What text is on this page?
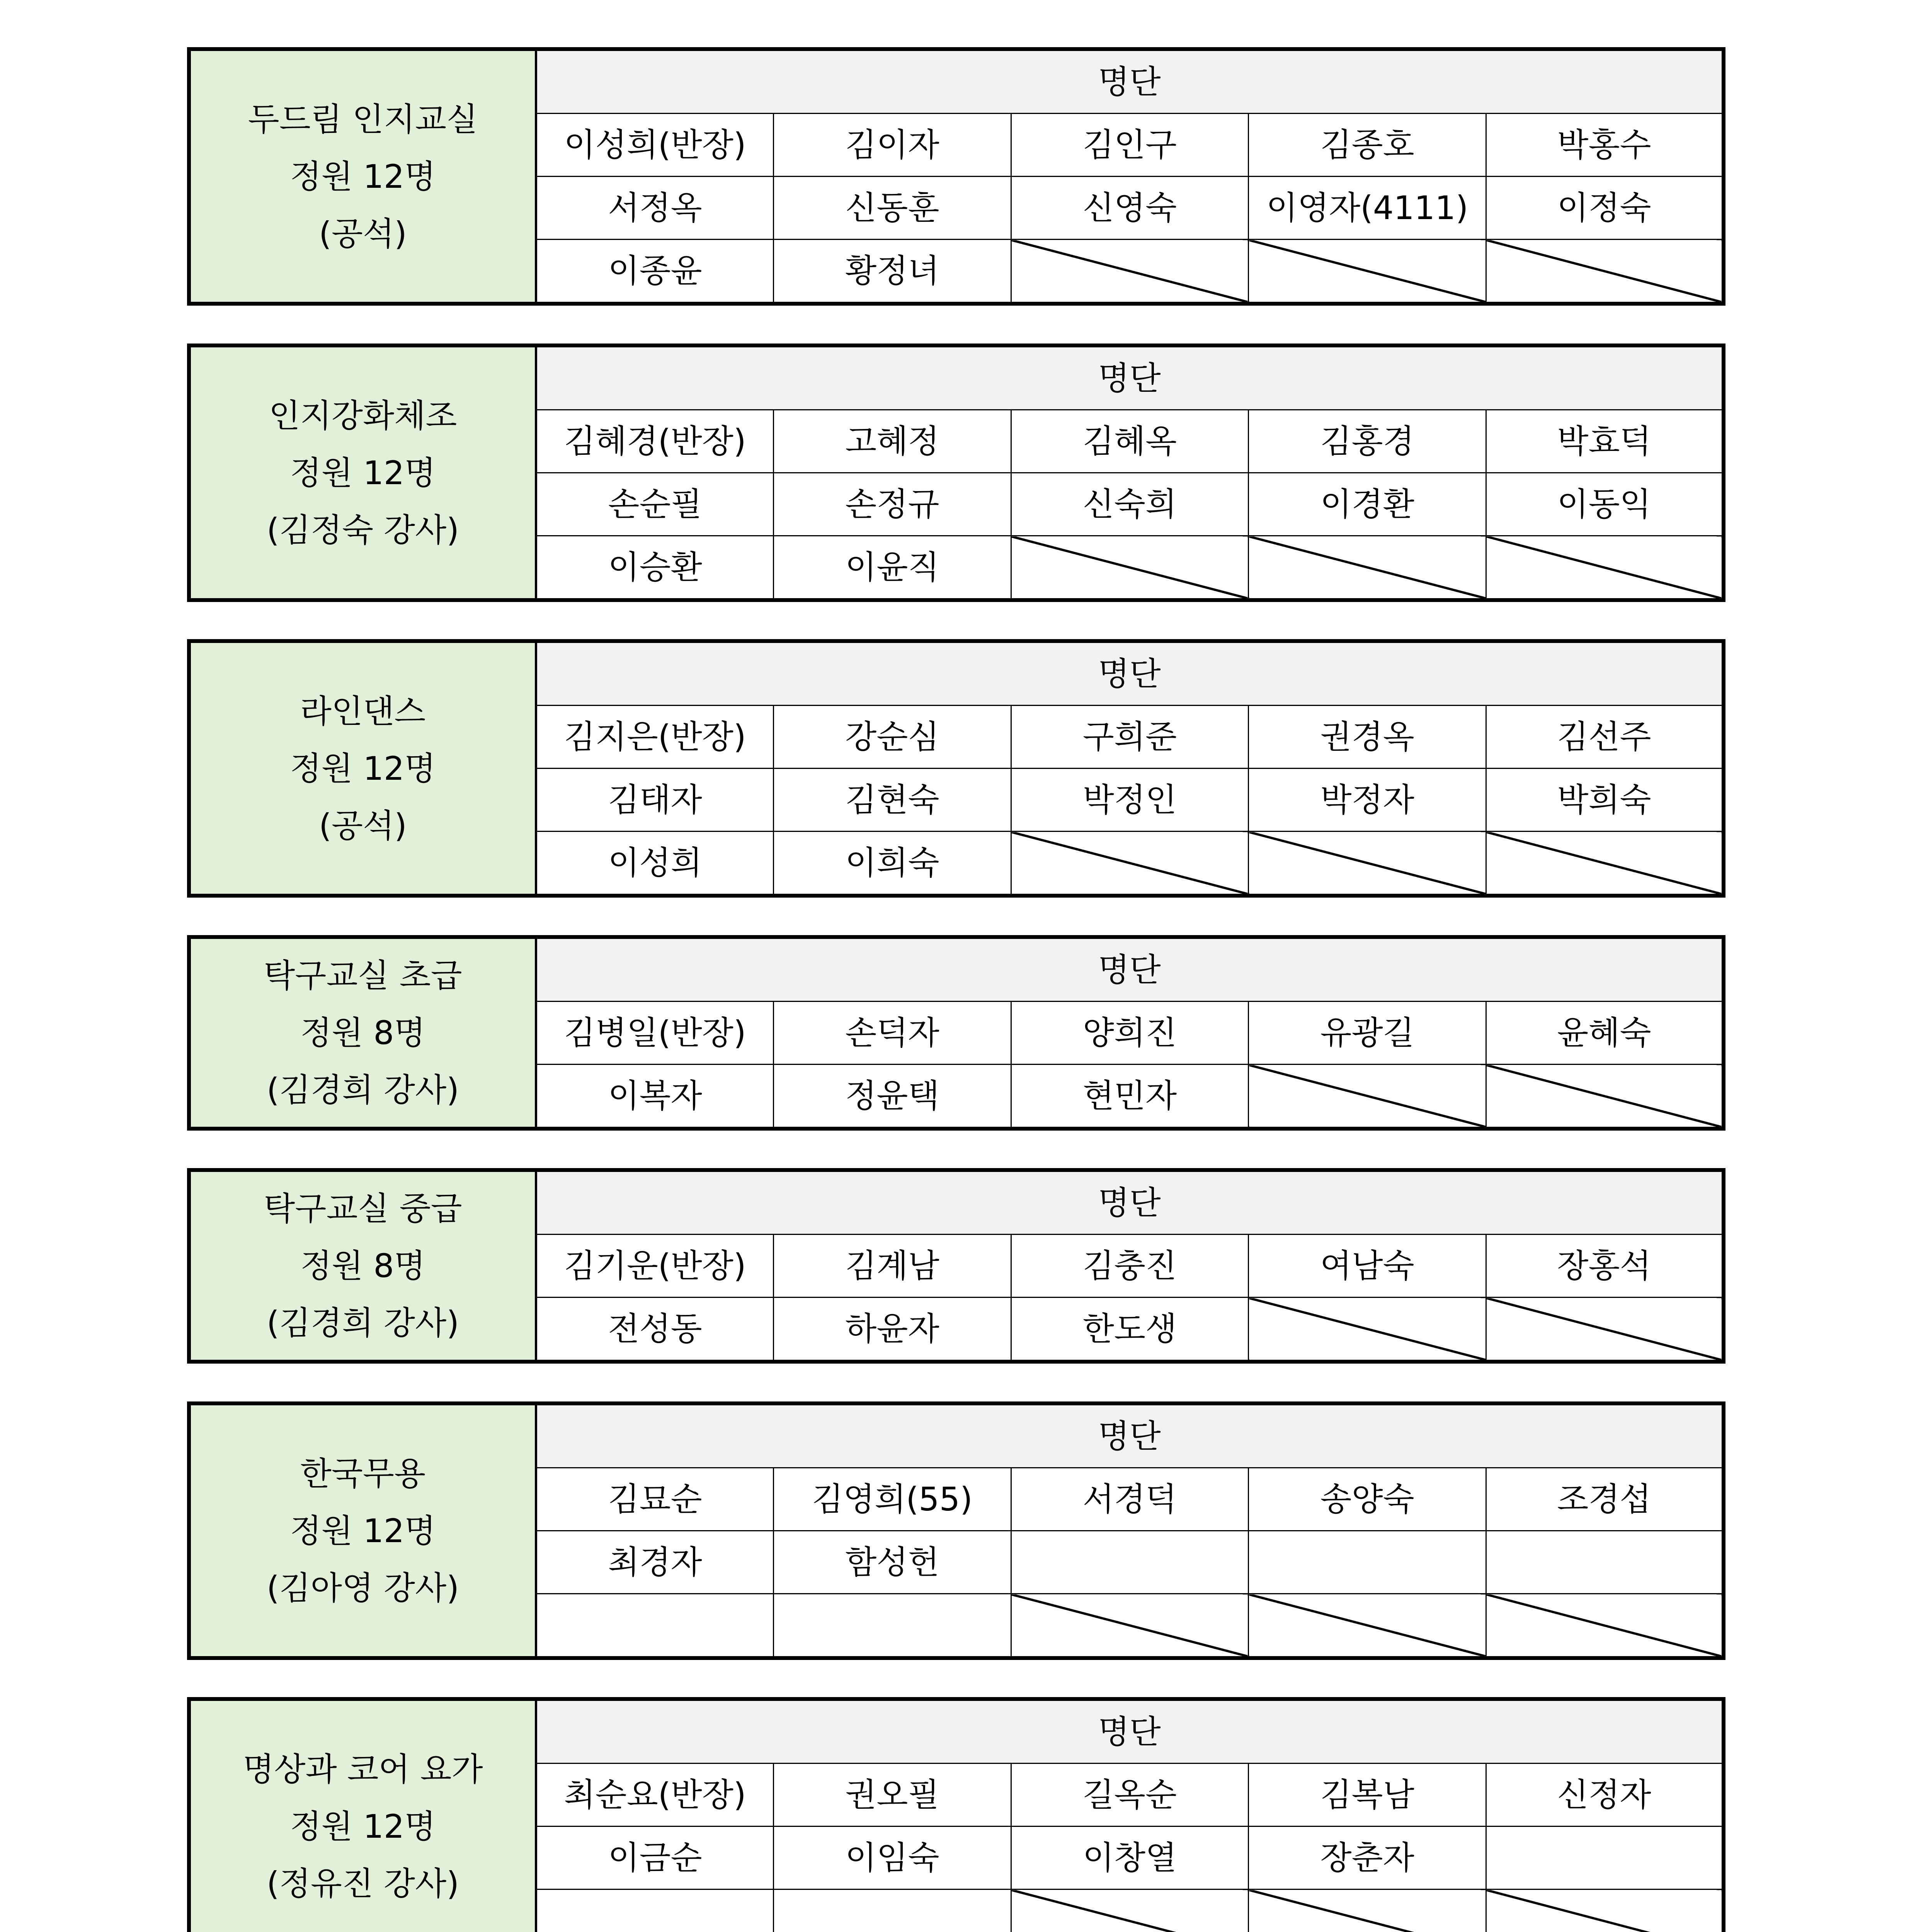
두드림 인지교실
정원 12명
(공석)	명단				
	이성희(반장)	김이자	김인구	김종호	박홍수
	서정옥	신동훈	신영숙	이영자(4111)	이정숙
	이종윤	황정녀			
인지강화체조
정원 12명
(김정숙 강사)	명단				
	김혜경(반장)	고혜정	김혜옥	김홍경	박효덕
	손순필	손정규	신숙희	이경환	이동익
	이승환	이윤직			
라인댄스
정원 12명
(공석)	명단				
	김지은(반장)	강순심	구희준	권경옥	김선주
	김태자	김현숙	박정인	박정자	박희숙
	이성희	이희숙			
탁구교실 초급
정원 8명
(김경희 강사)	명단				
	김병일(반장)	손덕자	양희진	유광길	윤혜숙
	이복자	정윤택	현민자		
탁구교실 중급
정원 8명
(김경희 강사)	명단				
	김기운(반장)	김계남	김충진	여남숙	장홍석
	전성동	하윤자	한도생		
한국무용
정원 12명
(김아영 강사)	명단				
	김묘순	김영희(55)	서경덕	송양숙	조경섭
	최경자	함성헌			

명상과 코어 요가
정원 12명
(정유진 강사)	명단				
	최순요(반장)	권오필	길옥순	김복남	신정자
	이금순	이임숙	이창열	장춘자	
